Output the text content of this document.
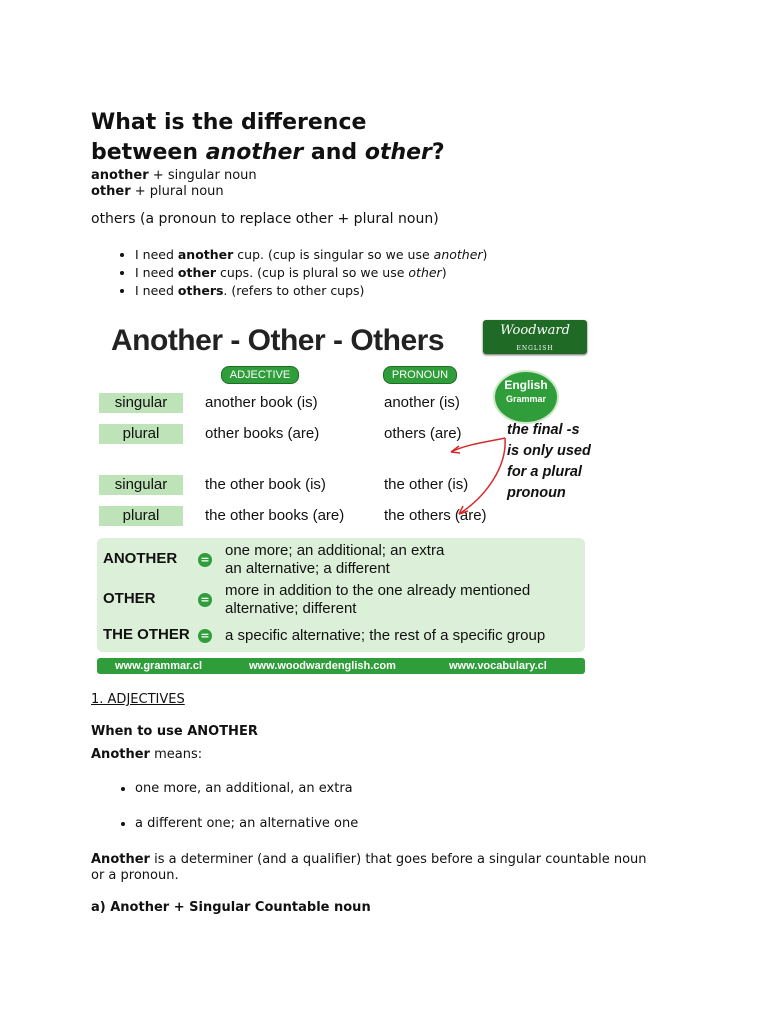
What is the difference
between another and other?
another + singular noun
other + plural noun
others (a pronoun to replace other + plural noun)
• I need another cup. (cup is singular so we use another)
• I need other cups. (cup is plural so we use other)
• I need others. (refers to other cups)
Another - Other - Others	Woodward
ENGLISH
ADJECTIVE	PRONOUN
English
Grammar
singular	another book (is)	another (is)
plural	other books (are)	others (are)
singular	the other book (is)	the other (is)
plural	the other books (are)	the others (are)
the final -s
is only used
for a plural
pronoun
ANOTHER =
one more; an additional; an extra
an alternative; a different
OTHER	=
more in addition to the one already mentioned
alternative; different
THE OTHER = a specific alternative; the rest of a specific group
www.grammar.cl	www.woodwardenglish.com	www.vocabulary.cl
1. ADJECTIVES
When to use ANOTHER
Another means:
• one more, an additional, an extra
• a different one; an alternative one
Another is a determiner (and a qualifier) that goes before a singular countable noun or a pronoun.
a) Another + Singular Countable noun
